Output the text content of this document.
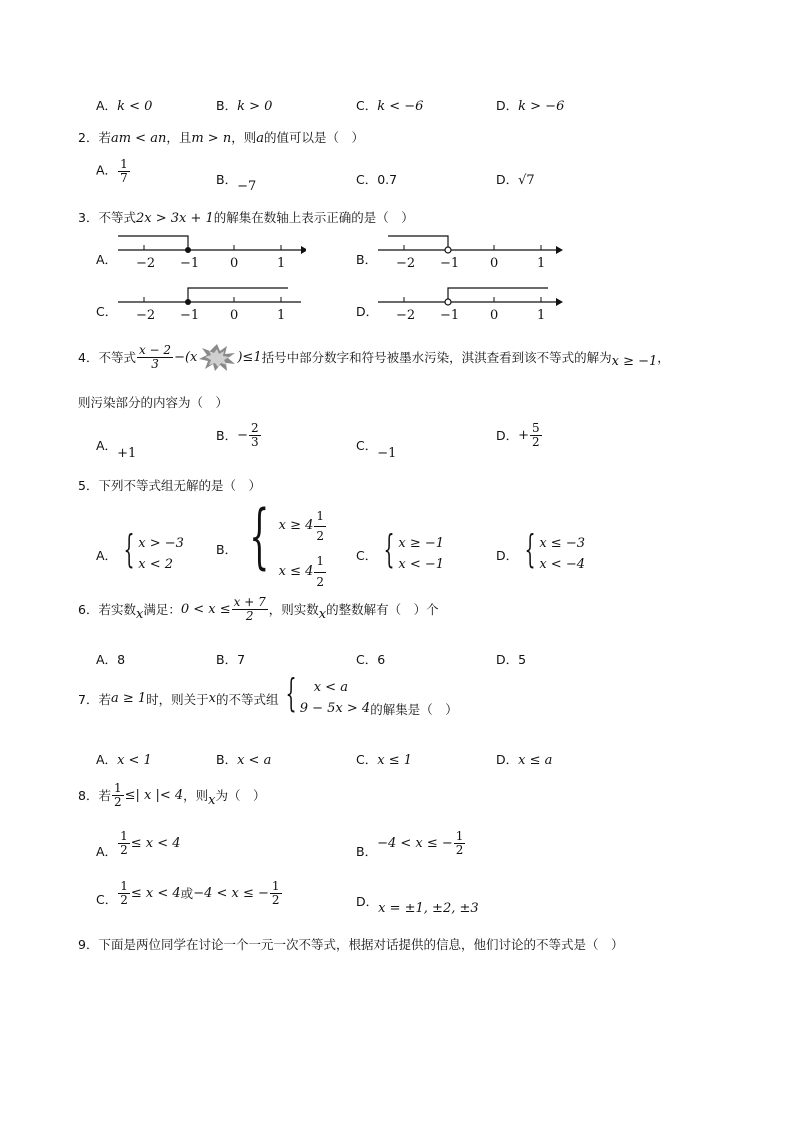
A．k < 0	B．k > 0	C．k < −6	D．k > −6
2．若am < an，且m > n，则a的值可以是（　）
A． $\frac{1}{7}$	B．−7	C．0.7	D．√7
3．不等式2x > 3x + 1的解集在数轴上表示正确的是（　）
A． −2 −1 0	1	B． −2 −1 0	1
C． −2 −1 0	1	D． −2 −1 0	1
4． 不等式 $\frac{x - 2}{3} -(x$	)≤1 括号中部分数字和符号被墨水污染，淇淇查看到该不等式的解为 x ≥ −1 ，
则污染部分的内容为（　）
A．+1
B． − $\frac{2}{3}$	C．−1
D． + $\frac{5}{2}$
5．下列不等式组无解的是（　）
A． { x > −3
x < 2
B． { $x \ge 4 \frac{1}{2}$
$x \le 4 \frac{1}{2}$ C． { x ≥ −1
x < −1
D． { x ≤ −3
x < −4
6． 若实数 x 满足： $0 < x \le \frac{x + 7}{2}$ ，则实数 x 的整数解有（　）个
A．8	B．7	C．6	D．5
7． 若 a ≥ 1 时，则关于 x 的不等式组 {	x < a
9 − 5x > 4 的解集是（　）
A．x < 1	B．x < a	C．x ≤ 1	D．x ≤ a
8． 若 $\frac{1}{2}$ ≤| x |< 4 ，则 x 为（　）
A． $\frac{1}{2} \le x < 4$
B．
−4 < x ≤ − $\frac{1}{2}$
C． $\frac{1}{2} \le x < 4$ 或 −4 < x ≤ − $\frac{1}{2}$	D．x = ±1, ±2, ±3
9．下面是两位同学在讨论一个一元一次不等式，根据对话提供的信息，他们讨论的不等式是（　）
